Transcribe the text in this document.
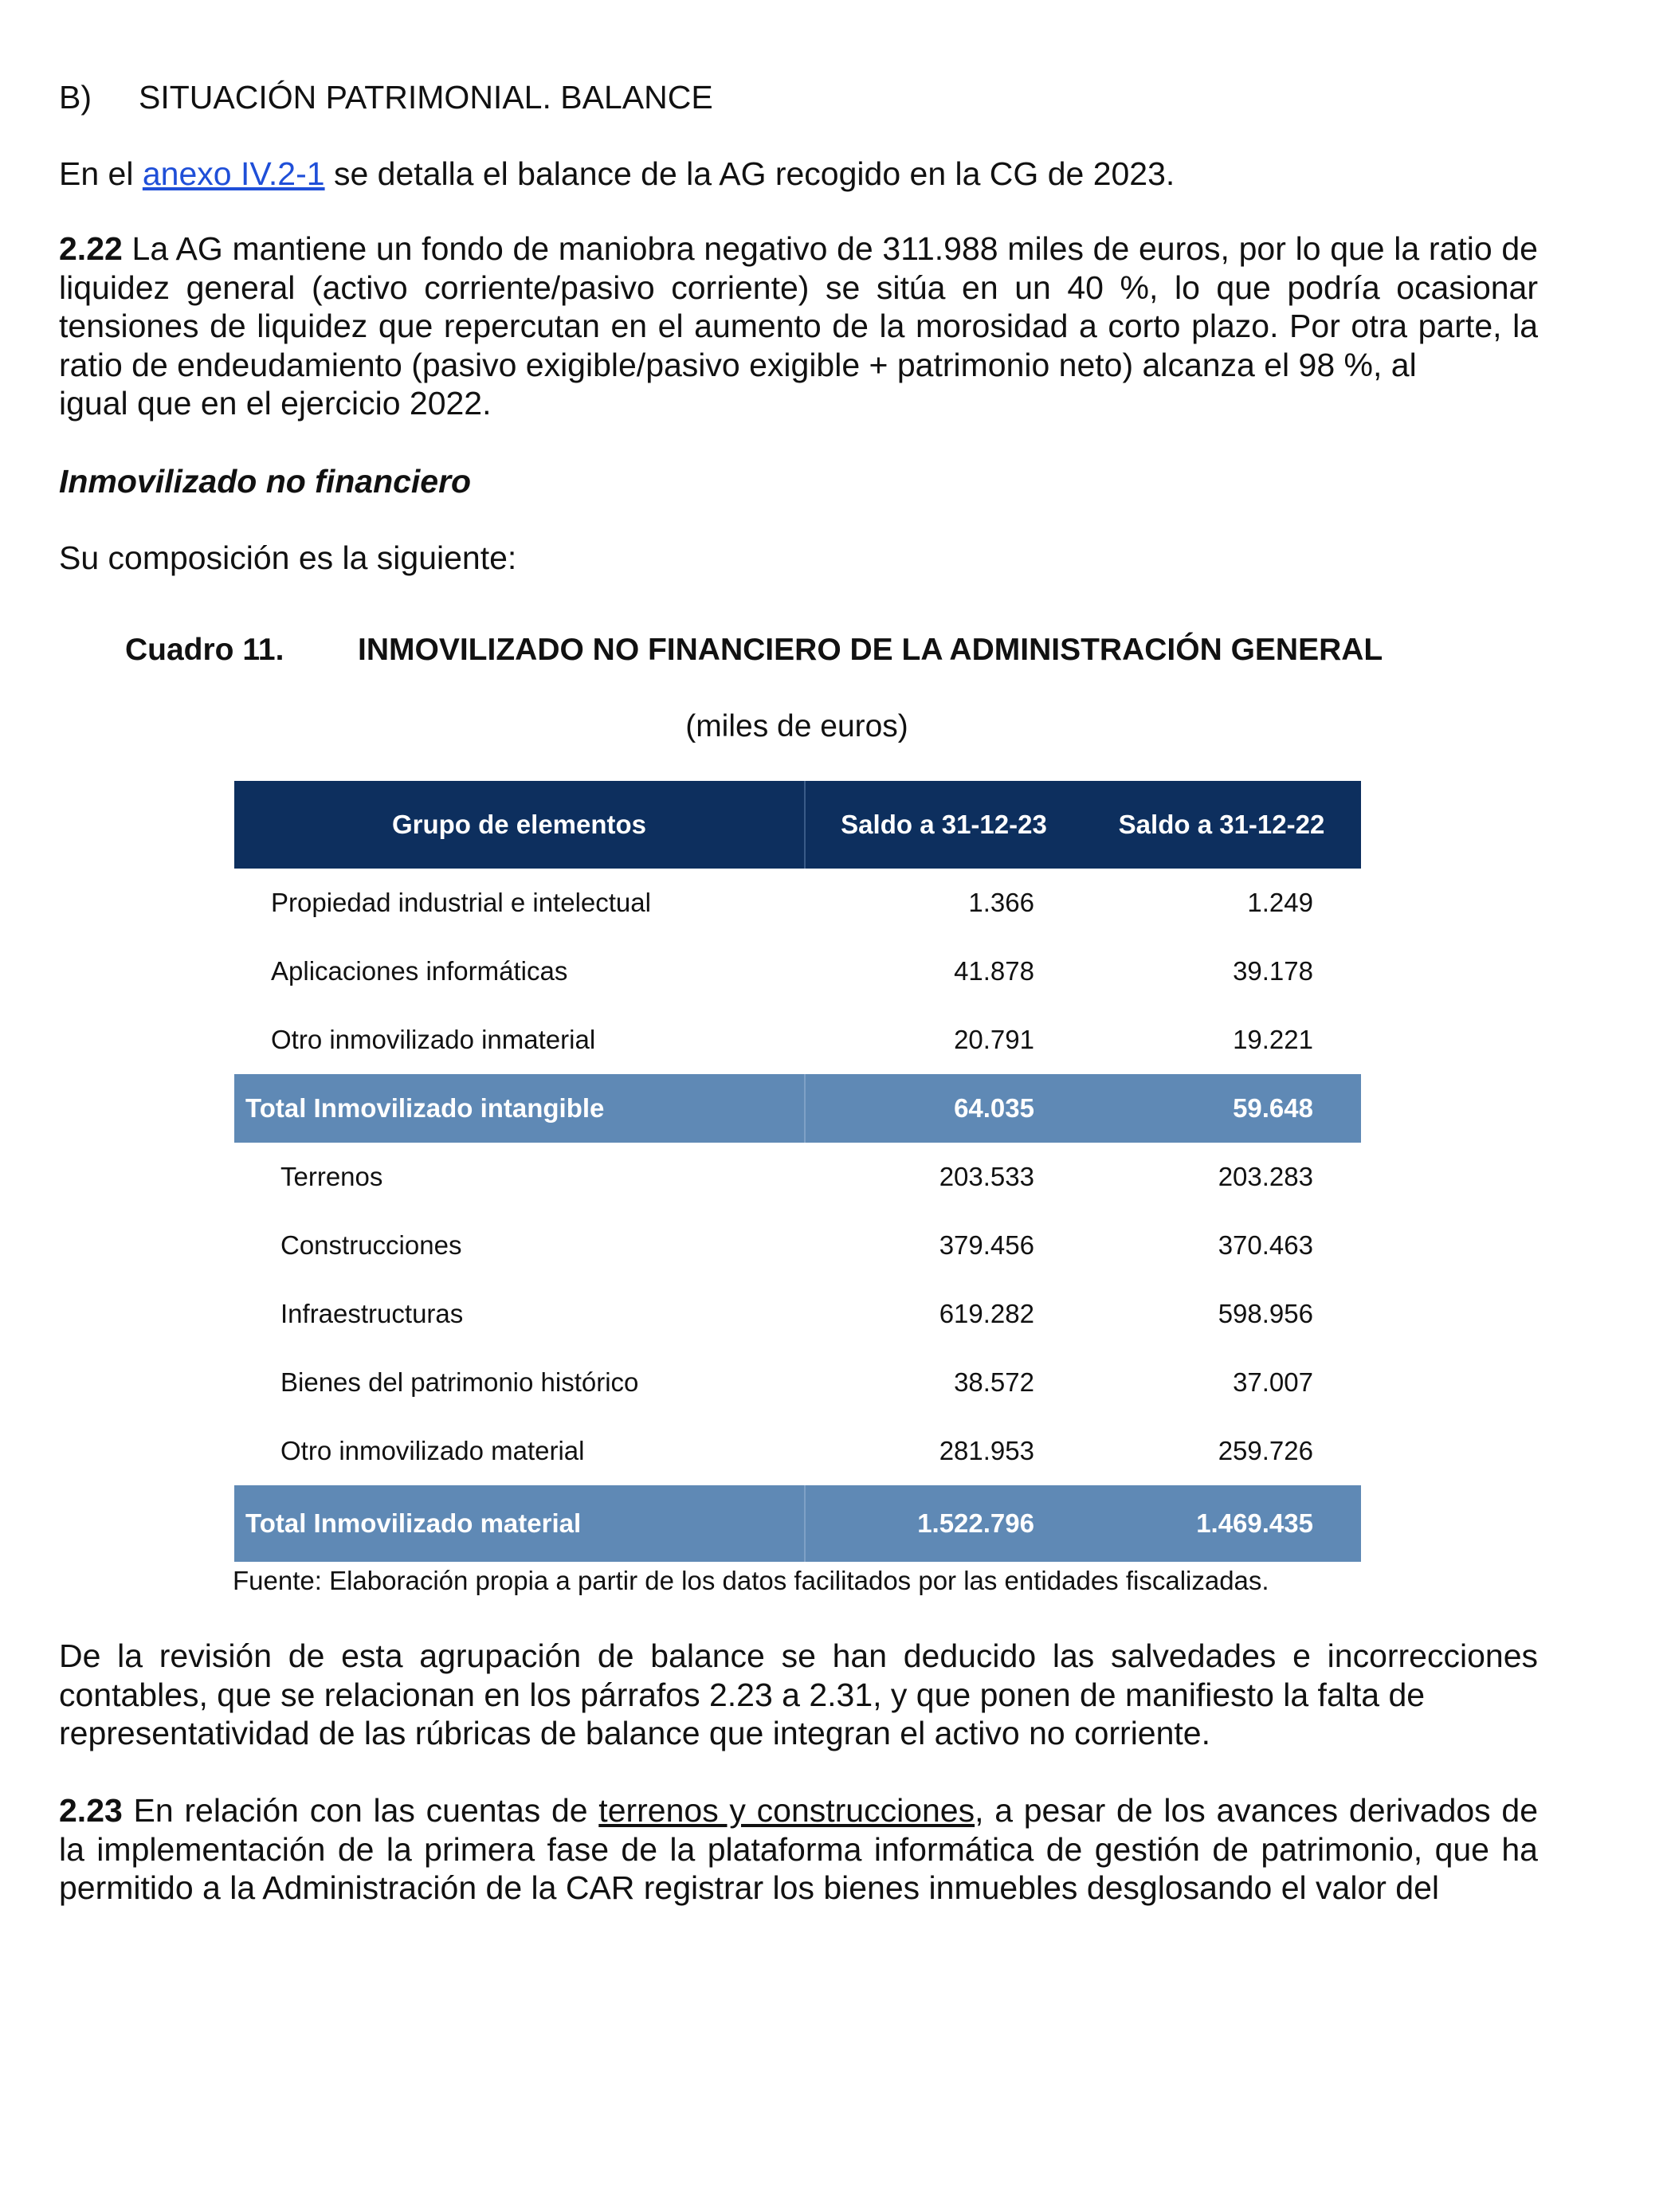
B) SITUACIÓN PATRIMONIAL. BALANCE
En el anexo IV.2-1 se detalla el balance de la AG recogido en la CG de 2023.
2.22 La AG mantiene un fondo de maniobra negativo de 311.988 miles de euros, por lo que la ratio de liquidez general (activo corriente/pasivo corriente) se sitúa en un 40 %, lo que podría ocasionar tensiones de liquidez que repercutan en el aumento de la morosidad a corto plazo. Por otra parte, la ratio de endeudamiento (pasivo exigible/pasivo exigible + patrimonio neto) alcanza el 98 %, al
igual que en el ejercicio 2022.
Inmovilizado no financiero
Su composición es la siguiente:
Cuadro 11. INMOVILIZADO NO FINANCIERO DE LA ADMINISTRACIÓN GENERAL
(miles de euros)
Grupo de elementos	Saldo a 31-12-23	Saldo a 31-12-22
Propiedad industrial e intelectual	1.366	1.249
Aplicaciones informáticas	41.878	39.178
Otro inmovilizado inmaterial	20.791	19.221
Total Inmovilizado intangible	64.035	59.648
Terrenos	203.533	203.283
Construcciones	379.456	370.463
Infraestructuras	619.282	598.956
Bienes del patrimonio histórico	38.572	37.007
Otro inmovilizado material	281.953	259.726
Total Inmovilizado material	1.522.796	1.469.435
Fuente: Elaboración propia a partir de los datos facilitados por las entidades fiscalizadas.
De la revisión de esta agrupación de balance se han deducido las salvedades e incorrecciones contables, que se relacionan en los párrafos 2.23 a 2.31, y que ponen de manifiesto la falta de
representatividad de las rúbricas de balance que integran el activo no corriente.
2.23 En relación con las cuentas de terrenos y construcciones, a pesar de los avances derivados de la implementación de la primera fase de la plataforma informática de gestión de patrimonio, que ha permitido a la Administración de la CAR registrar los bienes inmuebles desglosando el valor del
